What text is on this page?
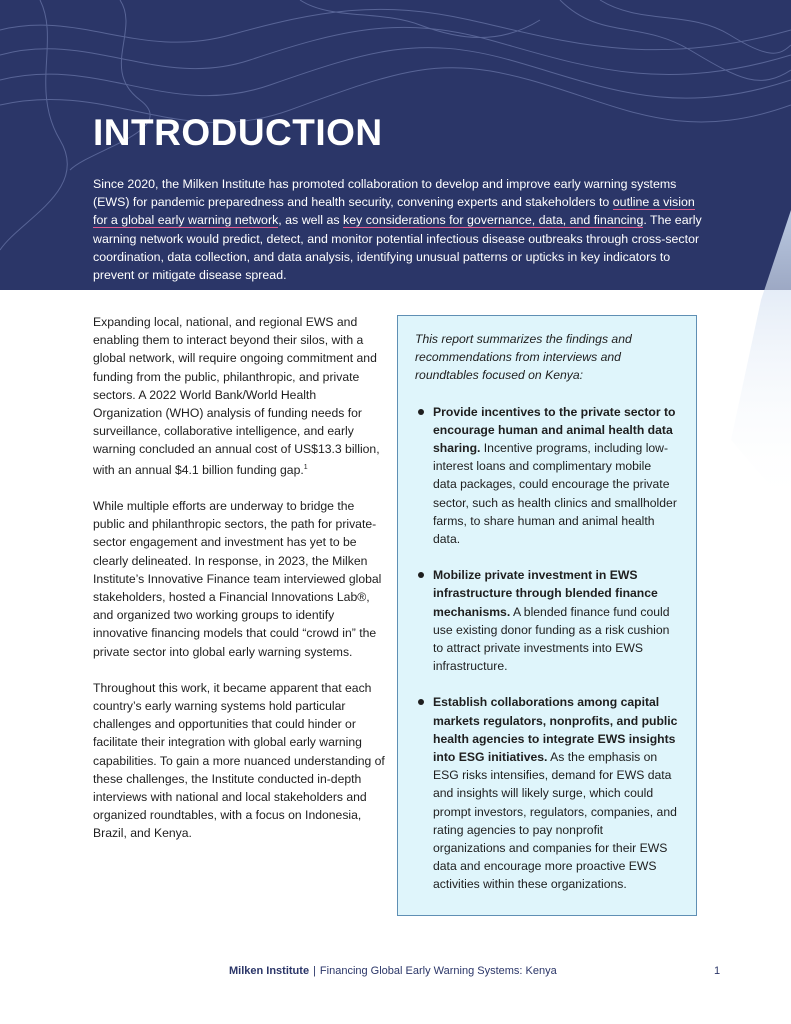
INTRODUCTION

Since 2020, the Milken Institute has promoted collaboration to develop and improve early warning systems (EWS) for pandemic preparedness and health security, convening experts and stakeholders to outline a vision for a global early warning network, as well as key considerations for governance, data, and financing. The early warning network would predict, detect, and monitor potential infectious disease outbreaks through cross-sector coordination, data collection, and data analysis, identifying unusual patterns or upticks in key indicators to prevent or mitigate disease spread.

Expanding local, national, and regional EWS and enabling them to interact beyond their silos, with a global network, will require ongoing commitment and funding from the public, philanthropic, and private sectors. A 2022 World Bank/World Health Organization (WHO) analysis of funding needs for surveillance, collaborative intelligence, and early warning concluded an annual cost of US$13.3 billion, with an annual $4.1 billion funding gap.$^1$

While multiple efforts are underway to bridge the public and philanthropic sectors, the path for private-sector engagement and investment has yet to be clearly delineated. In response, in 2023, the Milken Institute’s Innovative Finance team interviewed global stakeholders, hosted a Financial Innovations Lab®, and organized two working groups to identify innovative financing models that could “crowd in” the private sector into global early warning systems.

Throughout this work, it became apparent that each country’s early warning systems hold particular challenges and opportunities that could hinder or facilitate their integration with global early warning capabilities. To gain a more nuanced understanding of these challenges, the Institute conducted in-depth interviews with national and local stakeholders and organized roundtables, with a focus on Indonesia, Brazil, and Kenya.

This report summarizes the findings and recommendations from interviews and roundtables focused on Kenya:

Provide incentives to the private sector to encourage human and animal health data sharing. Incentive programs, including low-interest loans and complimentary mobile data packages, could encourage the private sector, such as health clinics and smallholder farms, to share human and animal health data.
Mobilize private investment in EWS infrastructure through blended finance mechanisms. A blended finance fund could use existing donor funding as a risk cushion to attract private investments into EWS infrastructure.
Establish collaborations among capital markets regulators, nonprofits, and public health agencies to integrate EWS insights into ESG initiatives. As the emphasis on ESG risks intensifies, demand for EWS data and insights will likely surge, which could prompt investors, regulators, companies, and rating agencies to pay nonprofit organizations and companies for their EWS data and encourage more proactive EWS activities within these organizations.
Milken Institute | Financing Global Early Warning Systems: Kenya	1
